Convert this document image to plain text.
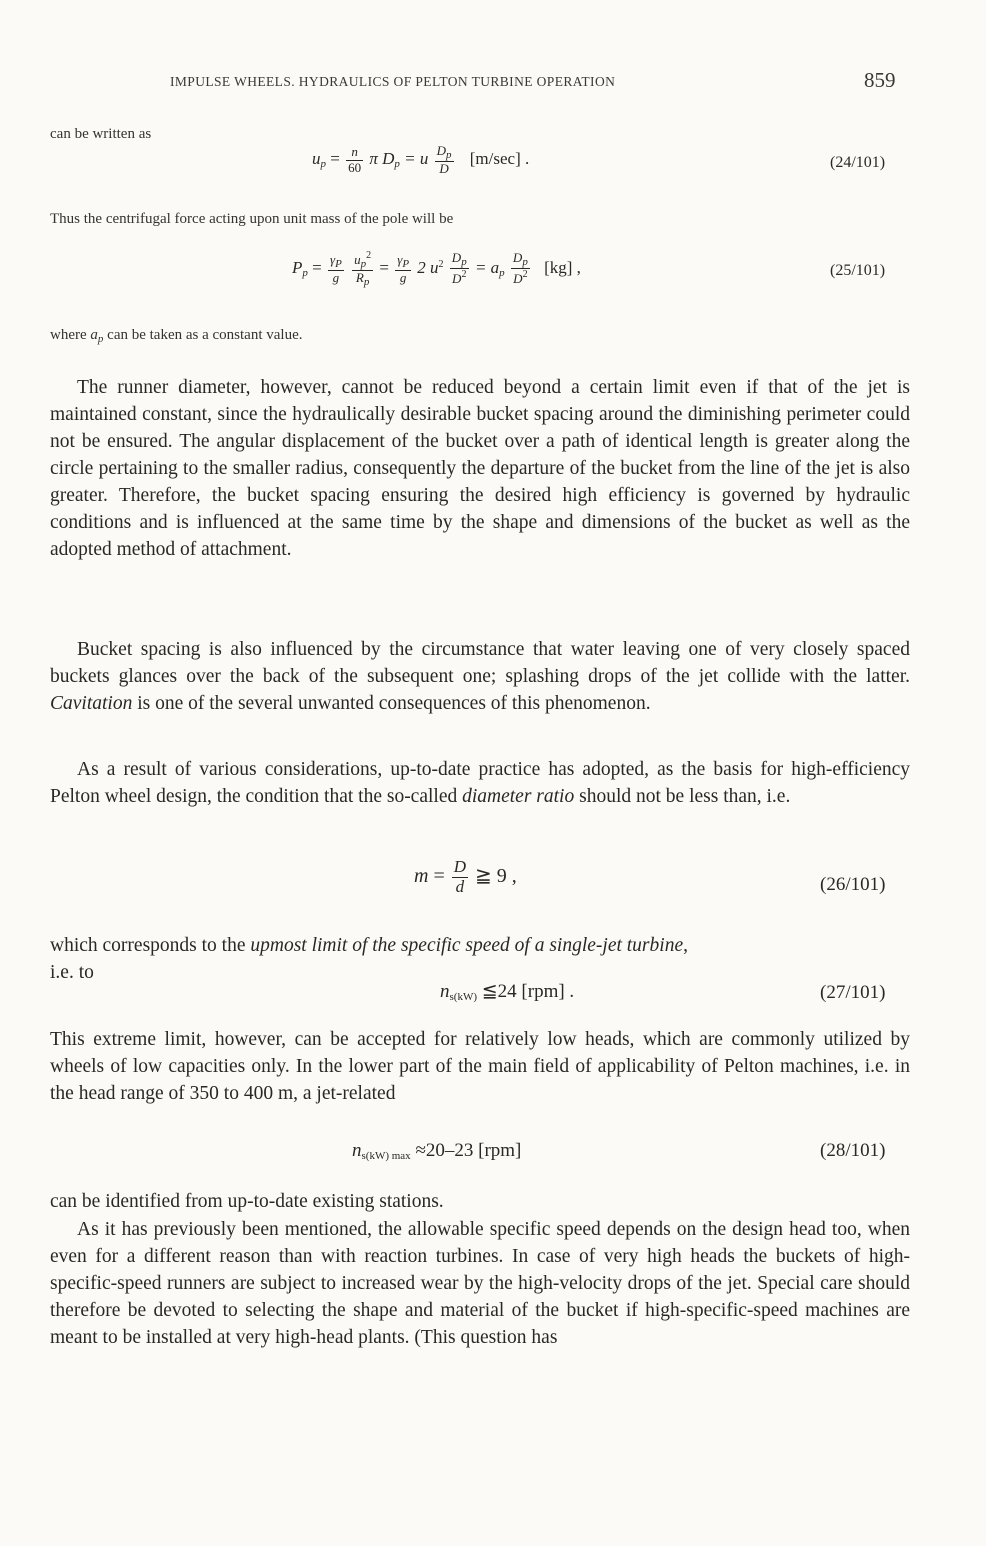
IMPULSE WHEELS. HYDRAULICS OF PELTON TURBINE OPERATION	859
can be written as
$u_p = \frac{n}{60}$ π $D_p = u \frac{D_p}{D} [m/\sec]$ .	(24/101)
Thus the centrifugal force acting upon unit mass of the pole will be
$P_p = \frac{\gamma_P}{g}$
$\frac{u_p^2}{R_p} = \frac{\gamma_P}{g} 2$ $u^2 \frac{D_p}{D^2} = a_p \frac{D_p}{D^2} [kg]$ ,	(25/101)
where $a_p$ can be taken as a constant value.
The runner diameter, however, cannot be reduced beyond a certain limit even if that of the jet is maintained constant, since the hydraulically desirable bucket spacing around the diminishing perimeter could not be ensured. The angular displacement of the bucket over a path of identical length is greater along the circle pertaining to the smaller radius, consequently the departure of the bucket from the line of the jet is also greater. Therefore, the bucket spacing ensuring the desired high efficiency is governed by hydraulic conditions and is influenced at the same time by the shape and dimensions of the bucket as well as the adopted method of attachment.
Bucket spacing is also influenced by the circumstance that water leaving one of very closely spaced buckets glances over the back of the subsequent one; splashing drops of the jet collide with the latter. Cavitation is one of the several unwanted consequences of this phenomenon.
As a result of various considerations, up-to-date practice has adopted, as the basis for high-efficiency Pelton wheel design, the condition that the so-called diameter ratio should not be less than, i.e.
$m = \frac{D}{d}$ ≧ 9 ,	(26/101)
which corresponds to the upmost limit of the specific speed of a single-jet turbine,
i.e. to
$n_{s(kW)}$ ≦24 [rpm] .	(27/101)
This extreme limit, however, can be accepted for relatively low heads, which are commonly utilized by wheels of low capacities only. In the lower part of the main field of applicability of Pelton machines, i.e. in the head range of 350 to 400 m, a jet-related
$n_{s(kW) max} \approx 20-23$ [rpm]	(28/101)
can be identified from up-to-date existing stations.
As it has previously been mentioned, the allowable specific speed depends on the design head too, when even for a different reason than with reaction turbines. In case of very high heads the buckets of high-specific-speed runners are subject to increased wear by the high-velocity drops of the jet. Special care should therefore be devoted to selecting the shape and material of the bucket if high-specific-speed machines are meant to be installed at very high-head plants. (This question has
